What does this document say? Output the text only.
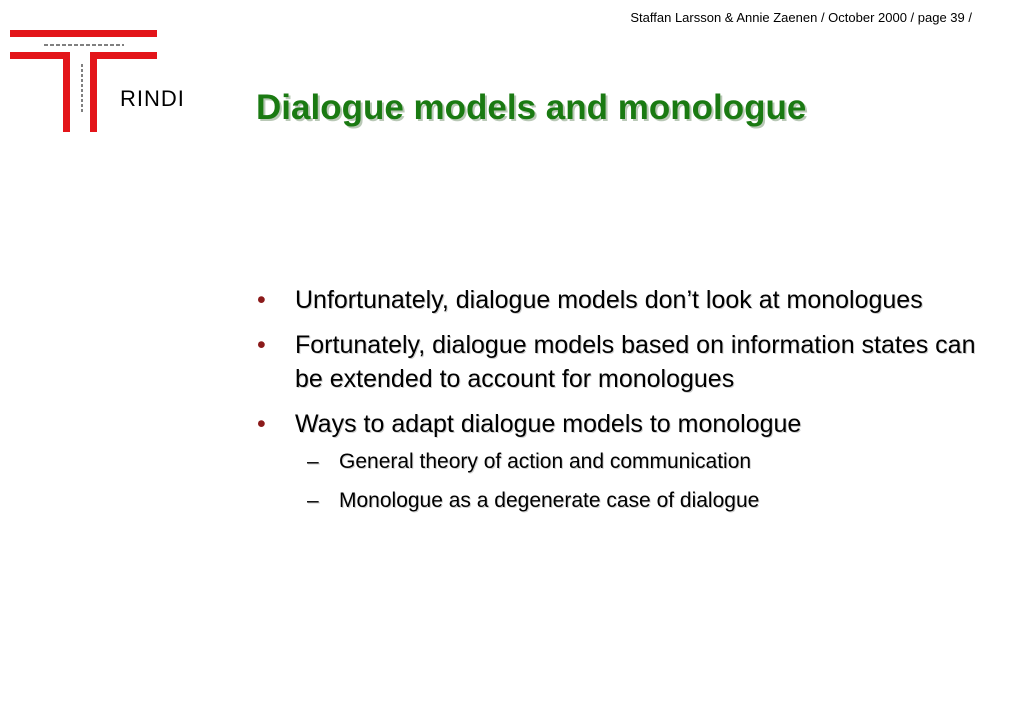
Staffan Larsson & Annie Zaenen / October 2000 / page 39 /
RINDI Dialogue models and monologue
• Unfortunately, dialogue models don’t look at monologues
• Fortunately, dialogue models based on information states can be extended to account for monologues
• Ways to adapt dialogue models to monologue
– General theory of action and communication
– Monologue as a degenerate case of dialogue
